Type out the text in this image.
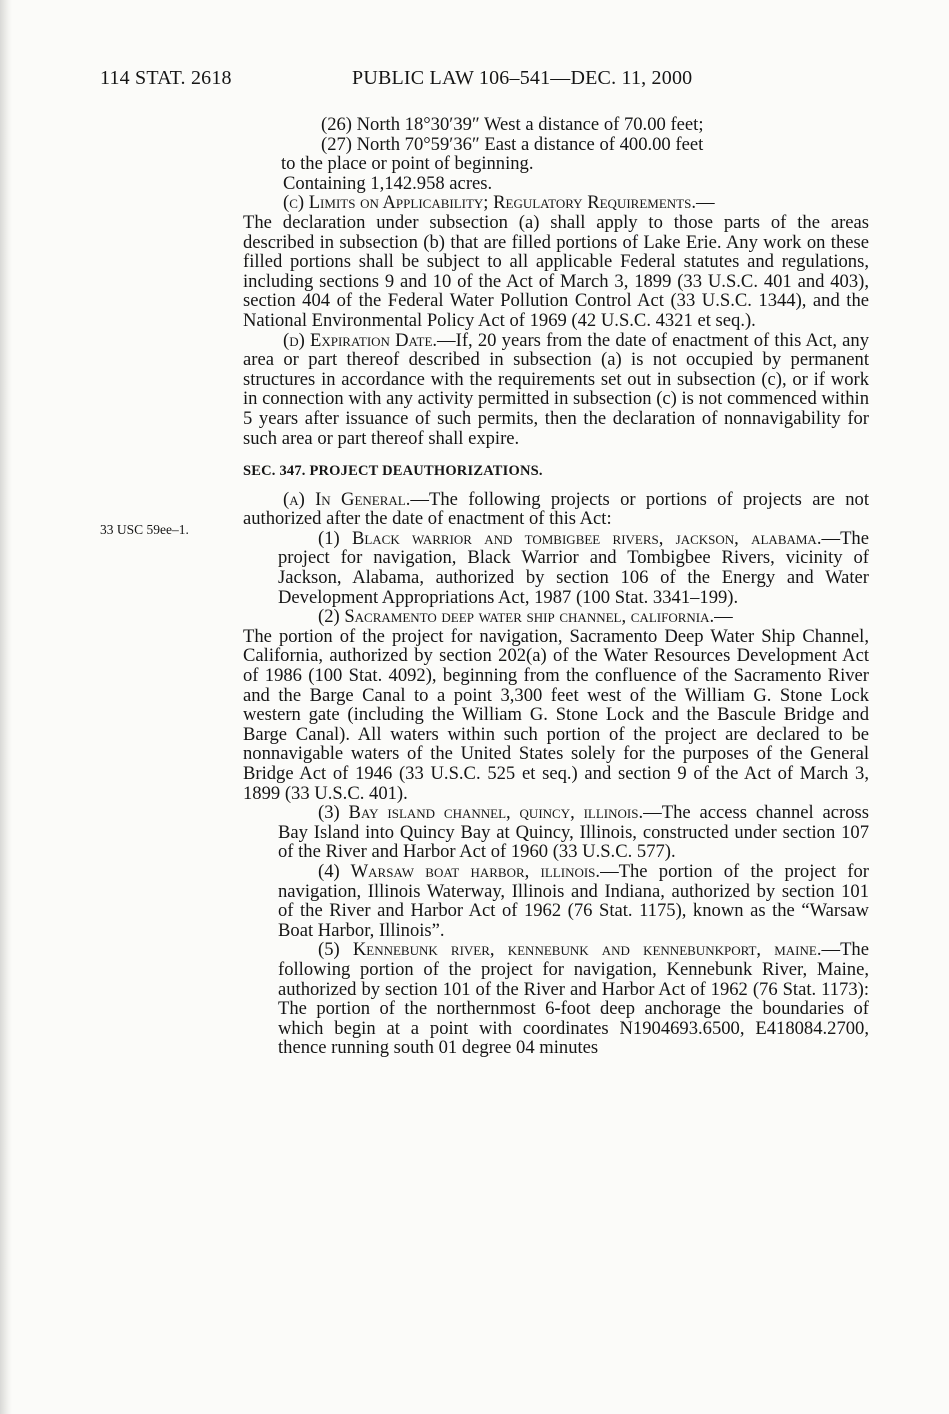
114 STAT. 2618	PUBLIC LAW 106–541—DEC. 11, 2000
33 USC 59ee–1.

(26) North 18°30′39″ West a distance of 70.00 feet;

(27) North 70°59′36″ East a distance of 400.00 feet

to the place or point of beginning.

Containing 1,142.958 acres.

(c) Limits on Applicability; Regulatory Requirements.—

The declaration under subsection (a) shall apply to those parts of the areas described in subsection (b) that are filled portions of Lake Erie. Any work on these filled portions shall be subject to all applicable Federal statutes and regulations, including sections 9 and 10 of the Act of March 3, 1899 (33 U.S.C. 401 and 403), section 404 of the Federal Water Pollution Control Act (33 U.S.C. 1344), and the National Environmental Policy Act of 1969 (42 U.S.C. 4321 et seq.).

(d) Expiration Date.—If, 20 years from the date of enactment of this Act, any area or part thereof described in subsection (a) is not occupied by permanent structures in accordance with the requirements set out in subsection (c), or if work in connection with any activity permitted in subsection (c) is not commenced within 5 years after issuance of such permits, then the declaration of nonnavigability for such area or part thereof shall expire.

SEC. 347. PROJECT DEAUTHORIZATIONS.

(a) In General.—The following projects or portions of projects are not authorized after the date of enactment of this Act:

(1) Black warrior and tombigbee rivers, jackson, alabama.—The project for navigation, Black Warrior and Tombigbee Rivers, vicinity of Jackson, Alabama, authorized by section 106 of the Energy and Water Development Appropriations Act, 1987 (100 Stat. 3341–199).

(2) Sacramento deep water ship channel, california.—

The portion of the project for navigation, Sacramento Deep Water Ship Channel, California, authorized by section 202(a) of the Water Resources Development Act of 1986 (100 Stat. 4092), beginning from the confluence of the Sacramento River and the Barge Canal to a point 3,300 feet west of the William G. Stone Lock western gate (including the William G. Stone Lock and the Bascule Bridge and Barge Canal). All waters within such portion of the project are declared to be nonnavigable waters of the United States solely for the purposes of the General Bridge Act of 1946 (33 U.S.C. 525 et seq.) and section 9 of the Act of March 3, 1899 (33 U.S.C. 401).

(3) Bay island channel, quincy, illinois.—The access channel across Bay Island into Quincy Bay at Quincy, Illinois, constructed under section 107 of the River and Harbor Act of 1960 (33 U.S.C. 577).

(4) Warsaw boat harbor, illinois.—The portion of the project for navigation, Illinois Waterway, Illinois and Indiana, authorized by section 101 of the River and Harbor Act of 1962 (76 Stat. 1175), known as the “Warsaw Boat Harbor, Illinois”.

(5) Kennebunk river, kennebunk and kennebunkport, maine.—The following portion of the project for navigation, Kennebunk River, Maine, authorized by section 101 of the River and Harbor Act of 1962 (76 Stat. 1173): The portion of the northernmost 6-foot deep anchorage the boundaries of which begin at a point with coordinates N1904693.6500, E418084.2700, thence running south 01 degree 04 minutes
